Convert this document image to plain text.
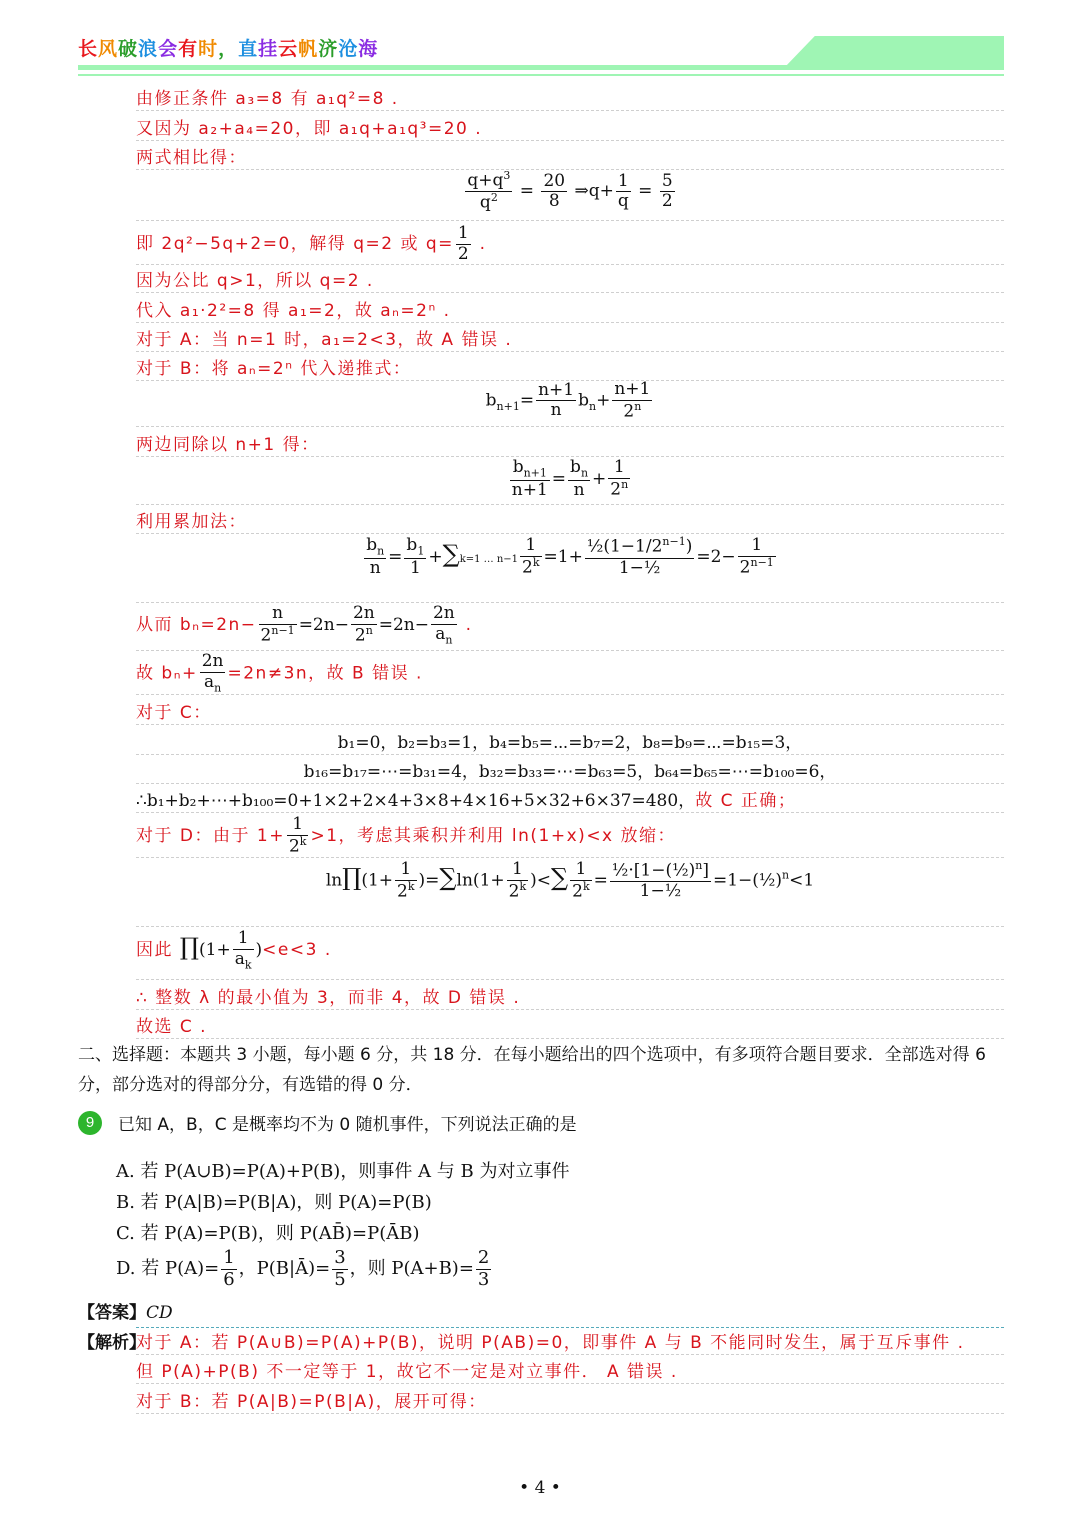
长风破浪会有时，直挂云帆济沧海
由修正条件 a₃=8 有 a₁q²=8 .
又因为 a₂+a₄=20，即 a₁q+a₁q³=20 .
两式相比得：
$\frac{q+q^3}{q^2} = \frac{20}{8}$ ⇒q+ $\frac{1}{q} = \frac{5}{2}$
即 2q²−5q+2=0，解得 q=2 或 $q= \frac{1}{2}$ .
因为公比 q>1，所以 q=2 .
代入 a₁·2²=8 得 a₁=2，故 aₙ=2ⁿ .
对于 A：当 n=1 时，a₁=2<3，故 A 错误 .
对于 B：将 aₙ=2ⁿ 代入递推式：
$b_{n+1}= \frac{n+1}{n} b_n+ \frac{n+1}{2^n}$
两边同除以 n+1 得：
$\frac{b_{n+1}}{n+1} = \frac{b_n}{n} + \frac{1}{2^n}$
利用累加法：
$\frac{b_n}{n} = \frac{b_1}{1} +\sum k=1$ … $n-1 \frac{1}{2^k} =1+ \frac{\frac{1}{2}(1-1/2^{n-1})}{\text{1−½}} =2- \frac{1}{2^{n-1}}$
从而 $b_n=2n- \frac{n}{2^{n-1}} =2n- \frac{2n}{2^n} =2n- \frac{2n}{a_n}$ .
故 $b_n+ \frac{2n}{a_n} =2n\ne 3n$，故 B 错误 .
对于 C：
b₁=0，b₂=b₃=1，b₄=b₅=⋯=b₇=2，b₈=b₉=⋯=b₁₅=3，
b₁₆=b₁₇=⋯=b₃₁=4，b₃₂=b₃₃=⋯=b₆₃=5，b₆₄=b₆₅=⋯=b₁₀₀=6，
∴b₁+b₂+⋯+b₁₀₀=0+1×2+2×4+3×8+4×16+5×32+6×37=480，故 C 正确；
对于 D：由于 $1+ \frac{1}{2^k} >1$，考虑其乘积并利用 ln(1+x)<x 放缩：
ln∏(1+ $\frac{1}{2^k} )=\sum\ln(1+ \frac{1}{2^k}$ )<∑ $\frac{1}{2^k} = \frac{\frac{1}{2}\cdot[1-(\frac{1}{2})^n]}{\text{1−½}}$ =1−(½)$^n$<1
因此 ∏(1+ $\frac{1}{a_k} )<e<3$ .
∴ 整数 λ 的最小值为 3，而非 4，故 D 错误 .
故选 C .
二、选择题：本题共 3 小题，每小题 6 分，共 18 分．在每小题给出的四个选项中，有多项符合题目要求．全部选对得 6 分，部分选对的得部分分，有选错的得 0 分．
9	已知 A，B，C 是概率均不为 0 随机事件，下列说法正确的是
A. 若 P(A∪B)=P(A)+P(B)，则事件 A 与 B 为对立事件
B. 若 P(A|B)=P(B|A)，则 P(A)=P(B)
C. 若 P(A)=P(B)，则 P(AB̄)=P(ĀB)
D. 若 $P(A)= \frac{1}{6}$ ，P(B|Ā)= $\frac{3}{5}$ ，则 $P(A+B)= \frac{2}{3}$
【答案】CD
【解析】
对于 A：若 P(A∪B)=P(A)+P(B)，说明 P(AB)=0，即事件 A 与 B 不能同时发生，属于互斥事件 .
但 P(A)+P(B) 不一定等于 1，故它不一定是对立事件． A 错误 .
对于 B：若 P(A|B)=P(B|A)，展开可得：
• 4 •
